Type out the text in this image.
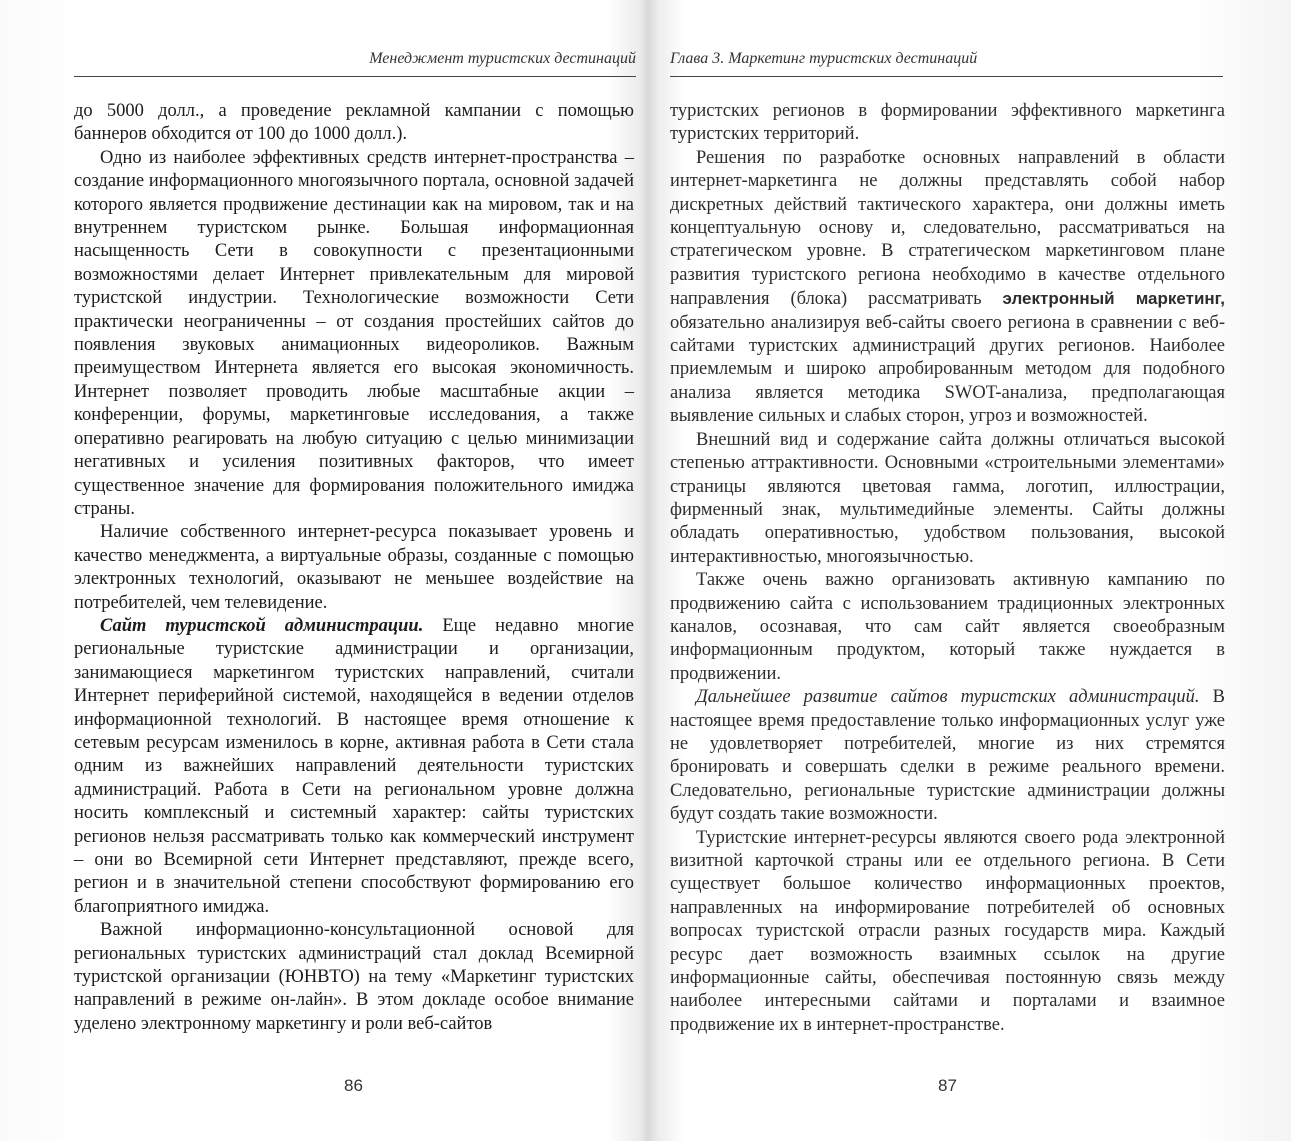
Менеджмент туристских дестинаций

до 5000 долл., а проведение рекламной кампании с помощью баннеров обходится от 100 до 1000 долл.).

Одно из наиболее эффективных средств интернет-пространства – создание информационного многоязычного портала, основной задачей которого является продвижение дестинации как на мировом, так и на внутреннем туристском рынке. Большая информационная насыщенность Сети в совокупности с презентационными возможностями делает Интернет привлекательным для мировой туристской индустрии. Технологические возможности Сети практически неограниченны – от создания простейших сайтов до появления звуковых анимационных видеороликов. Важным преимуществом Интернета является его высокая экономичность. Интернет позволяет проводить любые масштабные акции – конференции, форумы, маркетинговые исследования, а также оперативно реагировать на любую ситуацию с целью минимизации негативных и усиления позитивных факторов, что имеет существенное значение для формирования положительного имиджа страны.

Наличие собственного интернет-ресурса показывает уровень и качество менеджмента, а виртуальные образы, созданные с помощью электронных технологий, оказывают не меньшее воздействие на потребителей, чем телевидение.

Сайт туристской администрации. Еще недавно многие региональные туристские администрации и организации, занимающиеся маркетингом туристских направлений, считали Интернет периферийной системой, находящейся в ведении отделов информационной технологий. В настоящее время отношение к сетевым ресурсам изменилось в корне, активная работа в Сети стала одним из важнейших направлений деятельности туристских администраций. Работа в Сети на региональном уровне должна носить комплексный и системный характер: сайты туристских регионов нельзя рассматривать только как коммерческий инструмент – они во Всемирной сети Интернет представляют, прежде всего, регион и в значительной степени способствуют формированию его благоприятного имиджа.

Важной информационно-консультационной основой для региональных туристских администраций стал доклад Всемирной туристской организации (ЮНВТО) на тему «Маркетинг туристских направлений в режиме он-лайн». В этом докладе особое внимание уделено электронному маркетингу и роли веб-сайтов

86
Глава 3. Маркетинг туристских дестинаций

туристских регионов в формировании эффективного маркетинга туристских территорий.

Решения по разработке основных направлений в области интернет-маркетинга не должны представлять собой набор дискретных действий тактического характера, они должны иметь концептуальную основу и, следовательно, рассматриваться на стратегическом уровне. В стратегическом маркетинговом плане развития туристского региона необходимо в качестве отдельного направления (блока) рассматривать электронный маркетинг, обязательно анализируя веб-сайты своего региона в сравнении с веб-сайтами туристских администраций других регионов. Наиболее приемлемым и широко апробированным методом для подобного анализа является методика SWOT-анализа, предполагающая выявление сильных и слабых сторон, угроз и возможностей.

Внешний вид и содержание сайта должны отличаться высокой степенью аттрактивности. Основными «строительными элементами» страницы являются цветовая гамма, логотип, иллюстрации, фирменный знак, мультимедийные элементы. Сайты должны обладать оперативностью, удобством пользования, высокой интерактивностью, многоязычностью.

Также очень важно организовать активную кампанию по продвижению сайта с использованием традиционных электронных каналов, осознавая, что сам сайт является своеобразным информационным продуктом, который также нуждается в продвижении.

Дальнейшее развитие сайтов туристских администраций. В настоящее время предоставление только информационных услуг уже не удовлетворяет потребителей, многие из них стремятся бронировать и совершать сделки в режиме реального времени. Следовательно, региональные туристские администрации должны будут создать такие возможности.

Туристские интернет-ресурсы являются своего рода электронной визитной карточкой страны или ее отдельного региона. В Сети существует большое количество информационных проектов, направленных на информирование потребителей об основных вопросах туристской отрасли разных государств мира. Каждый ресурс дает возможность взаимных ссылок на другие информационные сайты, обеспечивая постоянную связь между наиболее интересными сайтами и порталами и взаимное продвижение их в интернет-пространстве.

87
